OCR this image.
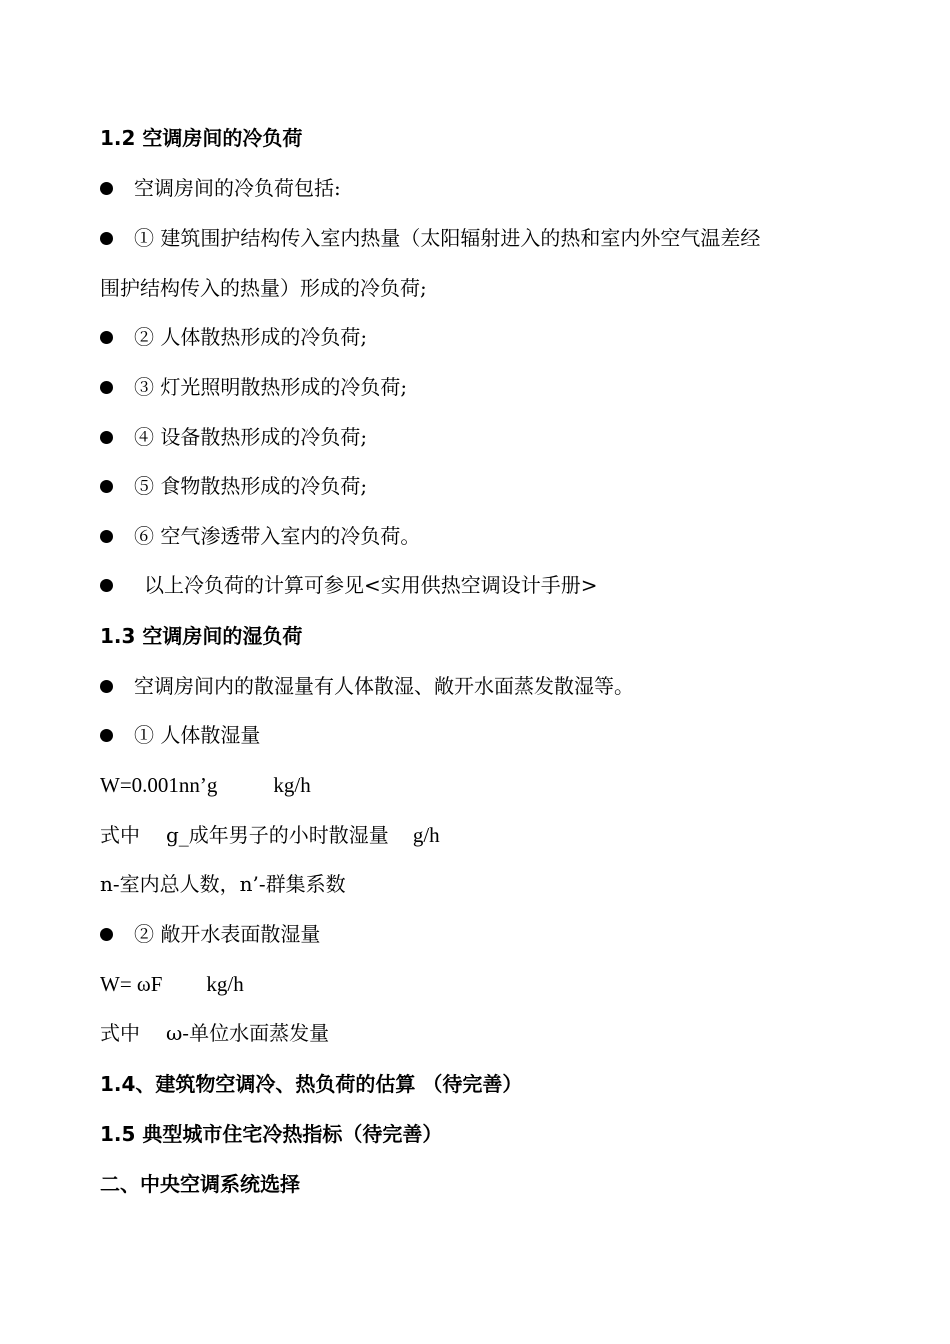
1.2 空调房间的冷负荷
空调房间的冷负荷包括:
① 建筑围护结构传入室内热量（太阳辐射进入的热和室内外空气温差经
围护结构传入的热量）形成的冷负荷;
② 人体散热形成的冷负荷;
③ 灯光照明散热形成的冷负荷;
④ 设备散热形成的冷负荷;
⑤ 食物散热形成的冷负荷;
⑥ 空气渗透带入室内的冷负荷。
以上冷负荷的计算可参见<实用供热空调设计手册>
1.3 空调房间的湿负荷
空调房间内的散湿量有人体散湿、敞开水面蒸发散湿等。
① 人体散湿量
W=0.001nn’g	kg/h
式中 g_成年男子的小时散湿量 g/h
n-室内总人数，n’-群集系数
② 敞开水表面散湿量
W= ωF kg/h
式中 ω-单位水面蒸发量
1.4、建筑物空调冷、热负荷的估算 （待完善）
1.5 典型城市住宅冷热指标（待完善）
二、中央空调系统选择
